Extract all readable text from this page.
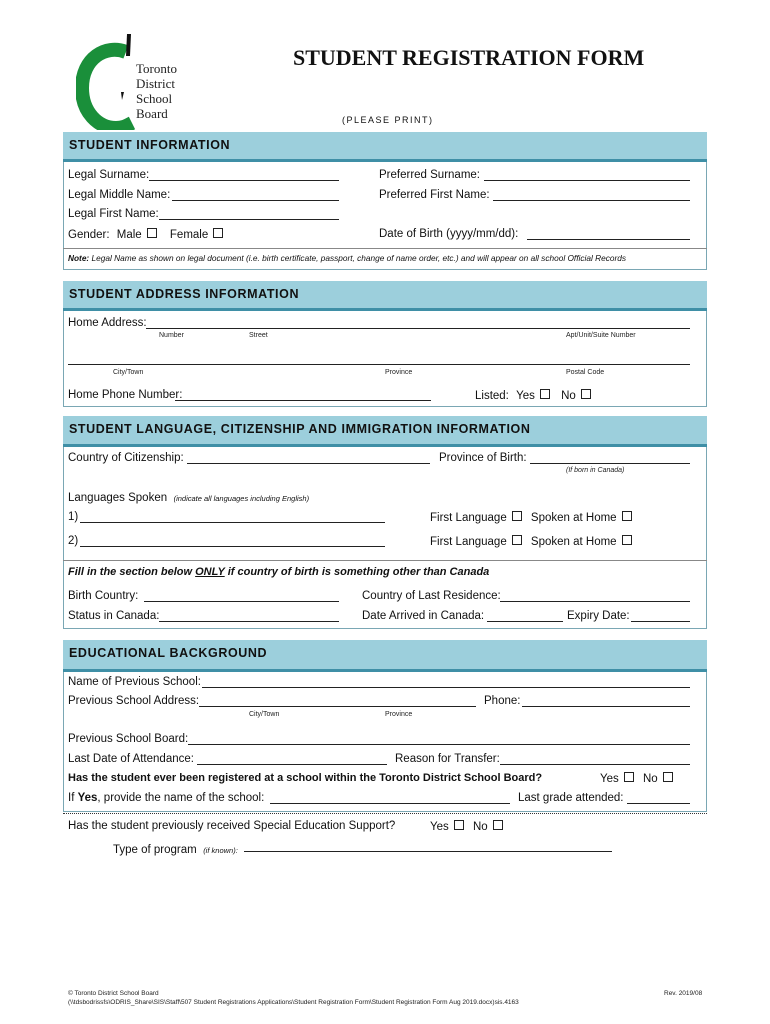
Toronto
District
School
Board
STUDENT REGISTRATION FORM
(PLEASE PRINT)
STUDENT INFORMATION
Legal Surname:	Preferred Surname:
Legal Middle Name:	Preferred First Name:
Legal First Name:
Gender: Male Female	Date of Birth (yyyy/mm/dd):
Note: Legal Name as shown on legal document (i.e. birth certificate, passport, change of name order, etc.) and will appear on all school Official Records
STUDENT ADDRESS INFORMATION
Home Address:
Number	Street	Apt/Unit/Suite Number
City/Town	Province	Postal Code
Home Phone Number:	Listed: Yes No
STUDENT LANGUAGE, CITIZENSHIP AND IMMIGRATION INFORMATION
Country of Citizenship:	Province of Birth:
(If born in Canada)
Languages Spoken (indicate all languages including English)
1)	First Language Spoken at Home
2)	First Language Spoken at Home
Fill in the section below ONLY if country of birth is something other than Canada
Birth Country:	Country of Last Residence:
Status in Canada:	Date Arrived in Canada:	Expiry Date:
EDUCATIONAL BACKGROUND
Name of Previous School:
Previous School Address:	Phone:
City/Town	Province
Previous School Board:
Last Date of Attendance:	Reason for Transfer:
Has the student ever been registered at a school within the Toronto District School Board?	Yes No
If Yes, provide the name of the school:	Last grade attended:
Has the student previously received Special Education Support?	Yes No
Type of program (if known):
© Toronto District School Board
(\\tdsbodrissfs\ODRIS_Share\SIS\Staff\507 Student Registrations Applications\Student Registration Form\Student Registration Form Aug 2019.docx)sis.4163
Rev. 2019/08
